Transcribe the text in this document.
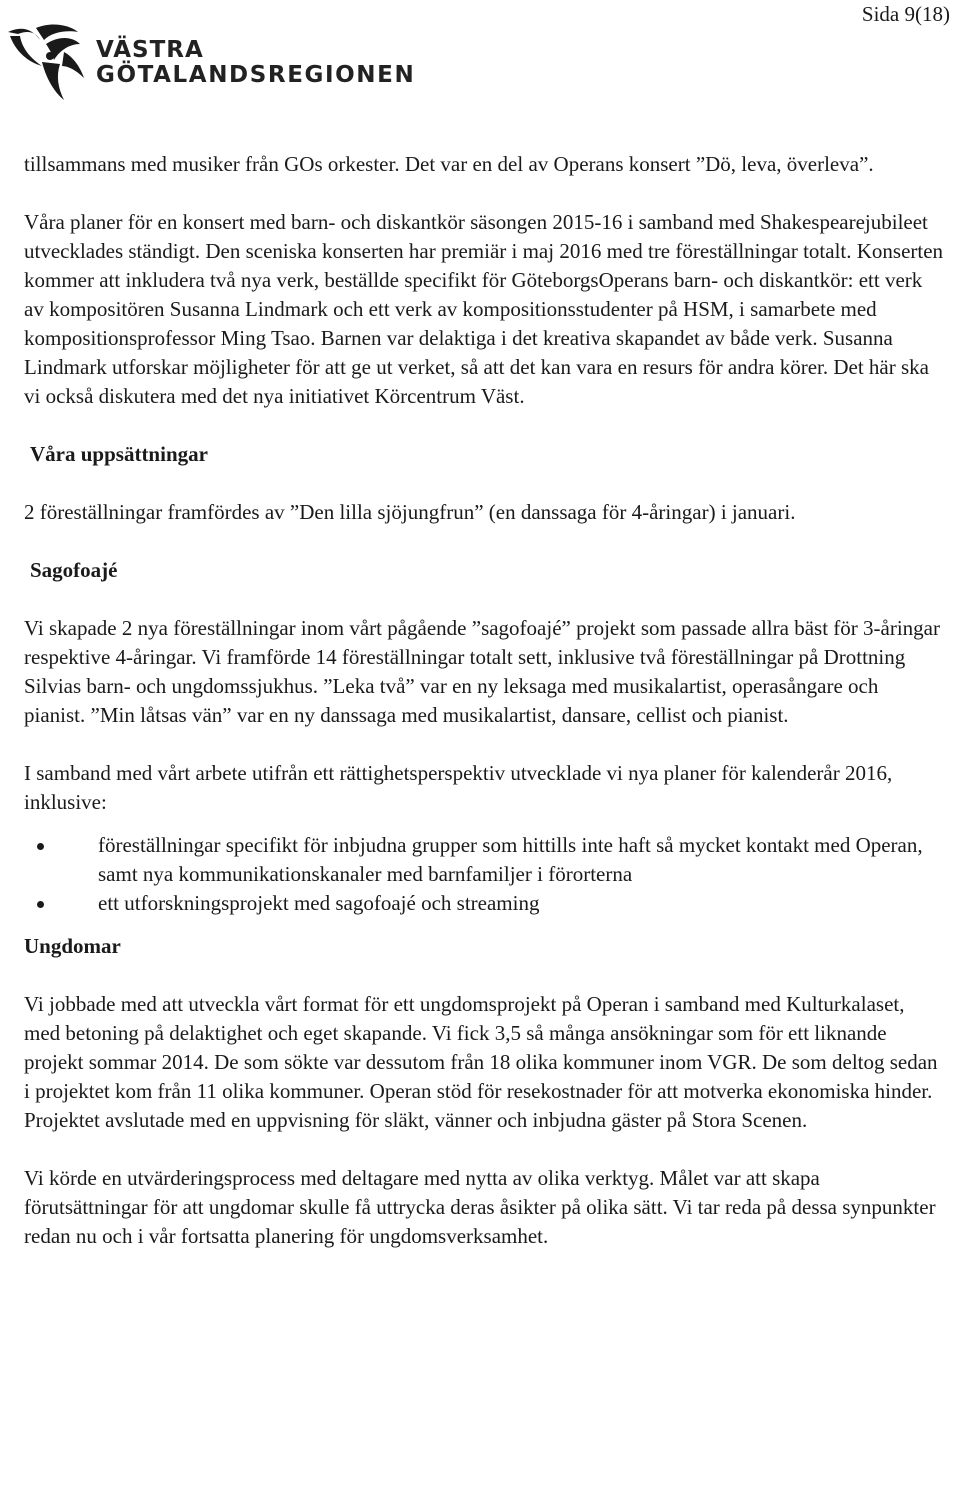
Sida 9(18)
VÄSTRA
GÖTALANDSREGIONEN

tillsammans med musiker från GOs orkester. Det var en del av Operans konsert ”Dö, leva, överleva”.

Våra planer för en konsert med barn- och diskantkör säsongen 2015-16 i samband med Shakespearejubileet utvecklades ständigt. Den sceniska konserten har premiär i maj 2016 med tre föreställningar totalt. Konserten kommer att inkludera två nya verk, beställde specifikt för GöteborgsOperans barn- och diskantkör: ett verk av kompositören Susanna Lindmark och ett verk av kompositionsstudenter på HSM, i samarbete med kompositionsprofessor Ming Tsao. Barnen var delaktiga i det kreativa skapandet av både verk. Susanna Lindmark utforskar möjligheter för att ge ut verket, så att det kan vara en resurs för andra körer. Det här ska vi också diskutera med det nya initiativet Körcentrum Väst.

Våra uppsättningar

2 föreställningar framfördes av ”Den lilla sjöjungfrun” (en danssaga för 4-åringar) i januari.

Sagofoajé

Vi skapade 2 nya föreställningar inom vårt pågående ”sagofoajé” projekt som passade allra bäst för 3-åringar respektive 4-åringar. Vi framförde 14 föreställningar totalt sett, inklusive två föreställningar på Drottning Silvias barn- och ungdomssjukhus. ”Leka två” var en ny leksaga med musikalartist, operasångare och pianist. ”Min låtsas vän” var en ny danssaga med musikalartist, dansare, cellist och pianist.

I samband med vårt arbete utifrån ett rättighetsperspektiv utvecklade vi nya planer för kalenderår 2016, inklusive:

föreställningar specifikt för inbjudna grupper som hittills inte haft så mycket kontakt med Operan, samt nya kommunikationskanaler med barnfamiljer i förorterna
ett utforskningsprojekt med sagofoajé och streaming
Ungdomar

Vi jobbade med att utveckla vårt format för ett ungdomsprojekt på Operan i samband med Kulturkalaset, med betoning på delaktighet och eget skapande. Vi fick 3,5 så många ansökningar som för ett liknande projekt sommar 2014. De som sökte var dessutom från 18 olika kommuner inom VGR. De som deltog sedan i projektet kom från 11 olika kommuner. Operan stöd för resekostnader för att motverka ekonomiska hinder. Projektet avslutade med en uppvisning för släkt, vänner och inbjudna gäster på Stora Scenen.

Vi körde en utvärderingsprocess med deltagare med nytta av olika verktyg. Målet var att skapa förutsättningar för att ungdomar skulle få uttrycka deras åsikter på olika sätt. Vi tar reda på dessa synpunkter redan nu och i vår fortsatta planering för ungdomsverksamhet.
